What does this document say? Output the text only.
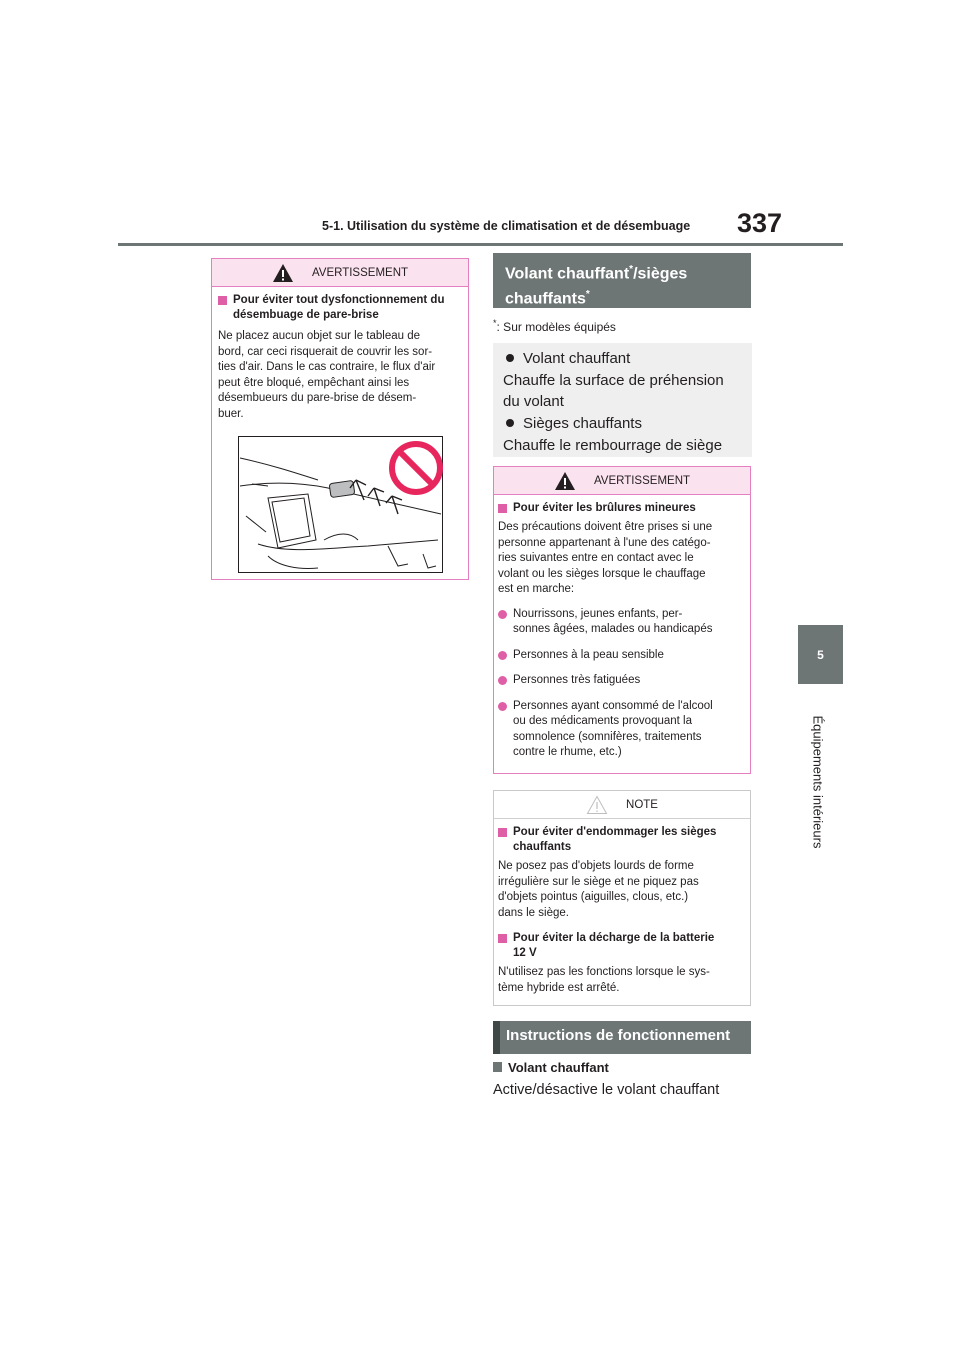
5-1. Utilisation du système de climatisation et de désembuage 337
5
Équipements intérieurs
AVERTISSEMENT
Pour éviter tout dysfonctionnement du désembuage de pare-brise
Ne placez aucun objet sur le tableau de
bord, car ceci risquerait de couvrir les sor-
ties d'air. Dans le cas contraire, le flux d'air
peut être bloqué, empêchant ainsi les
désembueurs du pare-brise de désem-
buer.
Volant chauffant*/sièges
chauffants*
*: Sur modèles équipés
Volant chauffant
Chauffe la surface de préhension du volant
Sièges chauffants
Chauffe le rembourrage de siège
AVERTISSEMENT
Pour éviter les brûlures mineures
Des précautions doivent être prises si une
personne appartenant à l'une des catégo-
ries suivantes entre en contact avec le
volant ou les sièges lorsque le chauffage
est en marche:
Nourrissons, jeunes enfants, per-
sonnes âgées, malades ou handicapés
Personnes à la peau sensible
Personnes très fatiguées
Personnes ayant consommé de l'alcool
ou des médicaments provoquant la
somnolence (somnifères, traitements
contre le rhume, etc.)
NOTE
Pour éviter d'endommager les sièges chauffants
Ne posez pas d'objets lourds de forme
irrégulière sur le siège et ne piquez pas
d'objets pointus (aiguilles, clous, etc.)
dans le siège.
Pour éviter la décharge de la batterie
12 V
N'utilisez pas les fonctions lorsque le sys-
tème hybride est arrêté.
Instructions de fonctionnement
Volant chauffant
Active/désactive le volant chauffant
